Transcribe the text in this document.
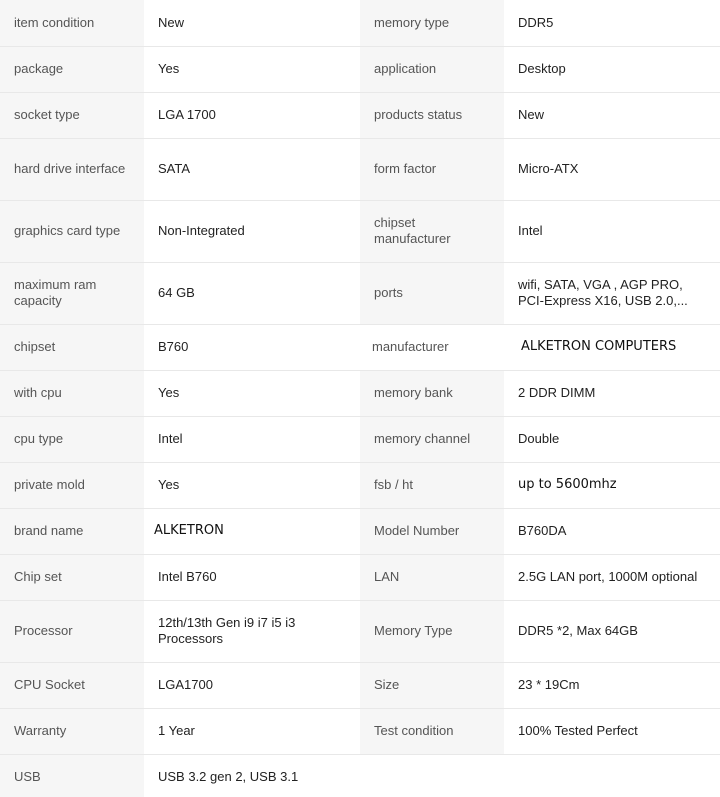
item condition	New	memory type	DDR5
package	Yes	application	Desktop
socket type	LGA 1700	products status	New
hard drive interface	SATA	form factor	Micro-ATX
graphics card type	Non-Integrated	chipset manufacturer	Intel
maximum ram capacity	64 GB	ports	wifi, SATA, VGA , AGP PRO, PCI-Express X16, USB 2.0,...
chipset	B760	manufacturer	ALKETRON COMPUTERS
with cpu	Yes	memory bank	2 DDR DIMM
cpu type	Intel	memory channel	Double
private mold	Yes	fsb / ht	up to 5600mhz
brand name	ALKETRON	Model Number	B760DA
Chip set	Intel B760	LAN	2.5G LAN port, 1000M optional
Processor	12th/13th Gen i9 i7 i5 i3 Processors	Memory Type	DDR5 *2, Max 64GB
CPU Socket	LGA1700	Size	23 * 19Cm
Warranty	1 Year	Test condition	100% Tested Perfect
USB	USB 3.2 gen 2, USB 3.1		
